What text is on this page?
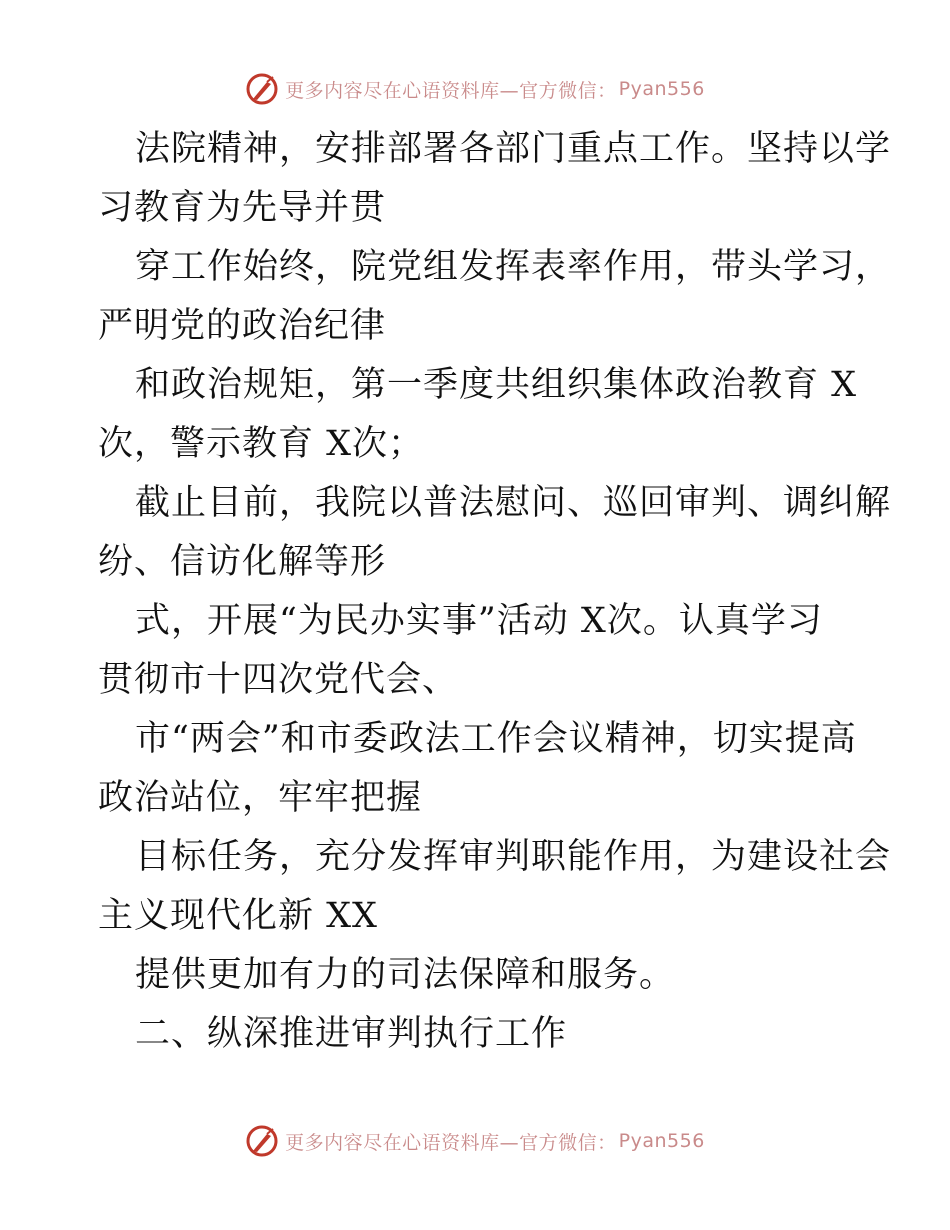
更多内容尽在心语资料库—官方微信： Pyan556
法院精神，安排部署各部门重点工作。坚持以学
习教育为先导并贯
穿工作始终，院党组发挥表率作用，带头学习，
严明党的政治纪律
和政治规矩，第一季度共组织集体政治教育 X
次，警示教育 X次；
截止目前，我院以普法慰问、巡回审判、调纠解
纷、信访化解等形
式，开展“为民办实事”活动 X次。认真学习
贯彻市十四次党代会、
市“两会”和市委政法工作会议精神，切实提高
政治站位，牢牢把握
目标任务，充分发挥审判职能作用，为建设社会
主义现代化新 XX
提供更加有力的司法保障和服务。
二、纵深推进审判执行工作
更多内容尽在心语资料库—官方微信： Pyan556
